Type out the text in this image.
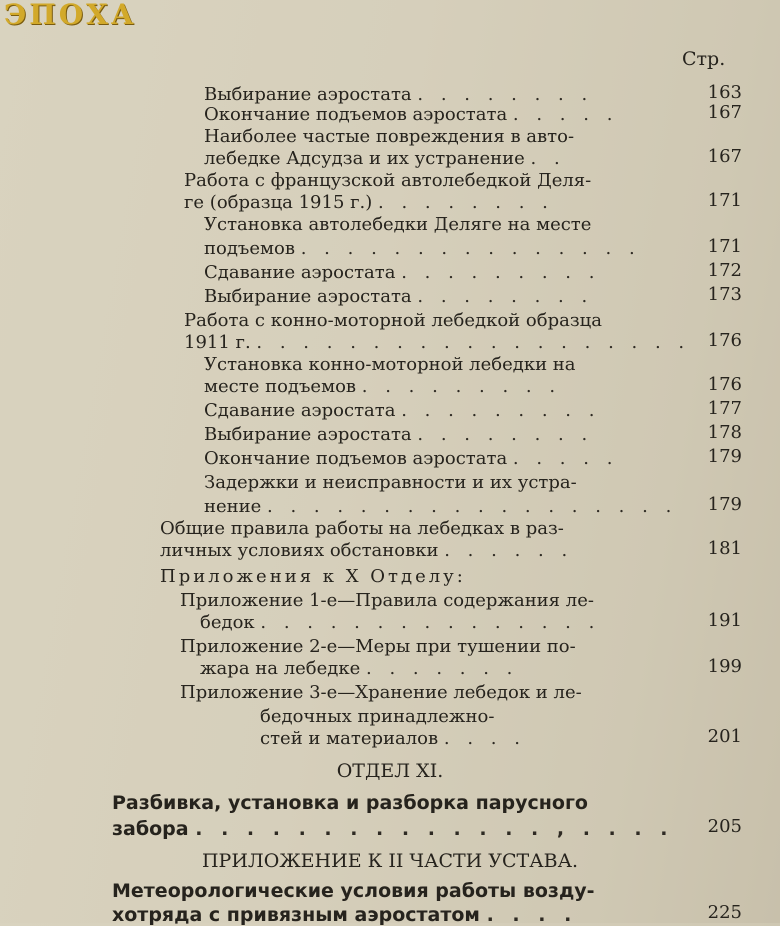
ЭПОХА
Стр.
Выбирание аэростата . . . . . . . .	163
Окончание подъемов аэростата . . . . .	167
Наиболее частые повреждения в авто-
лебедке Адсудза и их устранение . .	167
Работа с французской автолебедкой Деля-
ге (образца 1915 г.) . . . . . . . .	171
Установка автолебедки Деляге на месте
подъемов . . . . . . . . . . . . . . .	171
Сдавание аэростата . . . . . . . . .	172
Выбирание аэростата . . . . . . . .	173
Работа с конно-моторной лебедкой образца
1911 г. . . . . . . . . . . . . . . . . . . . 176
Установка конно-моторной лебедки на
месте подъемов . . . . . . . . .	176
Сдавание аэростата . . . . . . . . .	177
Выбирание аэростата . . . . . . . .	178
Окончание подъемов аэростата . . . . .	179
Задержки и неисправности и их устра-
нение . . . . . . . . . . . . . . . . . .	179
Общие правила работы на лебедках в раз-
личных условиях обстановки . . . . . .	181
Приложения к X Отделу:
Приложение 1-е—Правила содержания ле-
бедок . . . . . . . . . . . . . . .	191
Приложение 2-е—Меры при тушении по-
жара на лебедке . . . . . . .	199
Приложение 3-е—Хранение лебедок и ле-
бедочных принадлежно-
стей и материалов . . . .	201
ОТДЕЛ XI.
Разбивка, установка и разборка парусного
забора . . . . . . . . . . . . . . , . . . .	205
ПРИЛОЖЕНИЕ К II ЧАСТИ УСТАВА.
Метеорологические условия работы возду-
хотряда с привязным аэростатом . . . .	225
